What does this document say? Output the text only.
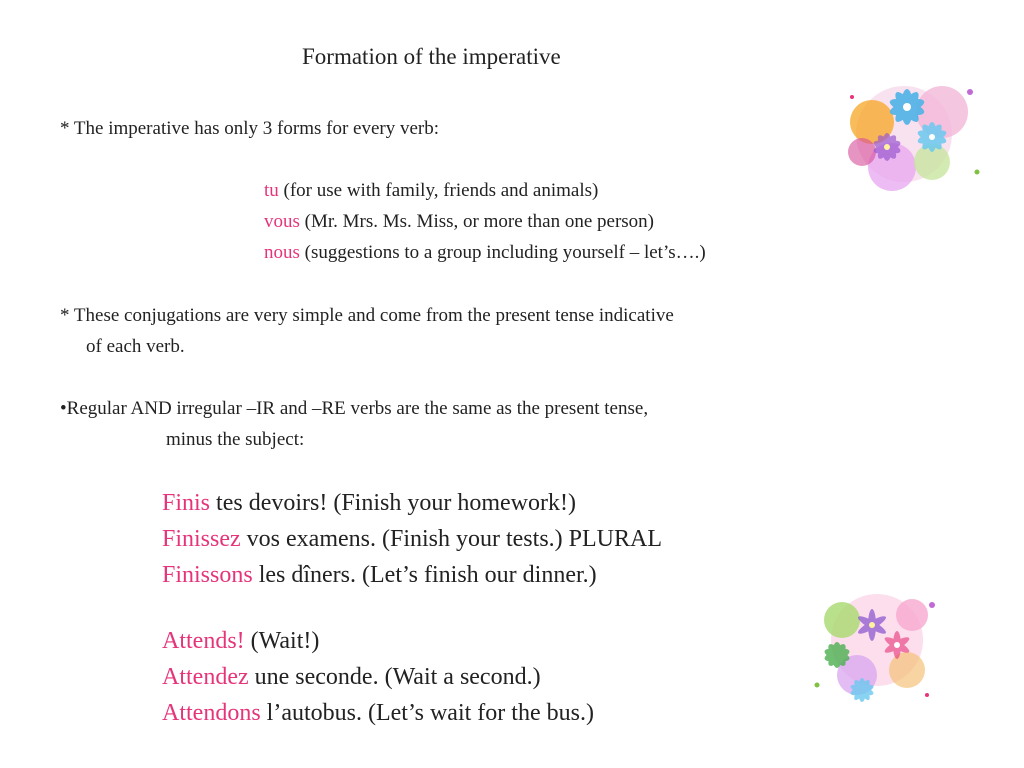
Formation of the imperative
* The imperative has only 3 forms for every verb:
tu (for use with family, friends and animals)
vous (Mr. Mrs. Ms. Miss, or more than one person)
nous (suggestions to a group including yourself – let’s….)
* These conjugations are very simple and come from the present tense indicative
of each verb.
•Regular AND irregular –IR and –RE verbs are the same as the present tense,
minus the subject:
Finis tes devoirs! (Finish your homework!)
Finissez vos examens. (Finish your tests.) PLURAL
Finissons les dîners. (Let’s finish our dinner.)
Attends! (Wait!)
Attendez une seconde. (Wait a second.)
Attendons l’autobus. (Let’s wait for the bus.)
